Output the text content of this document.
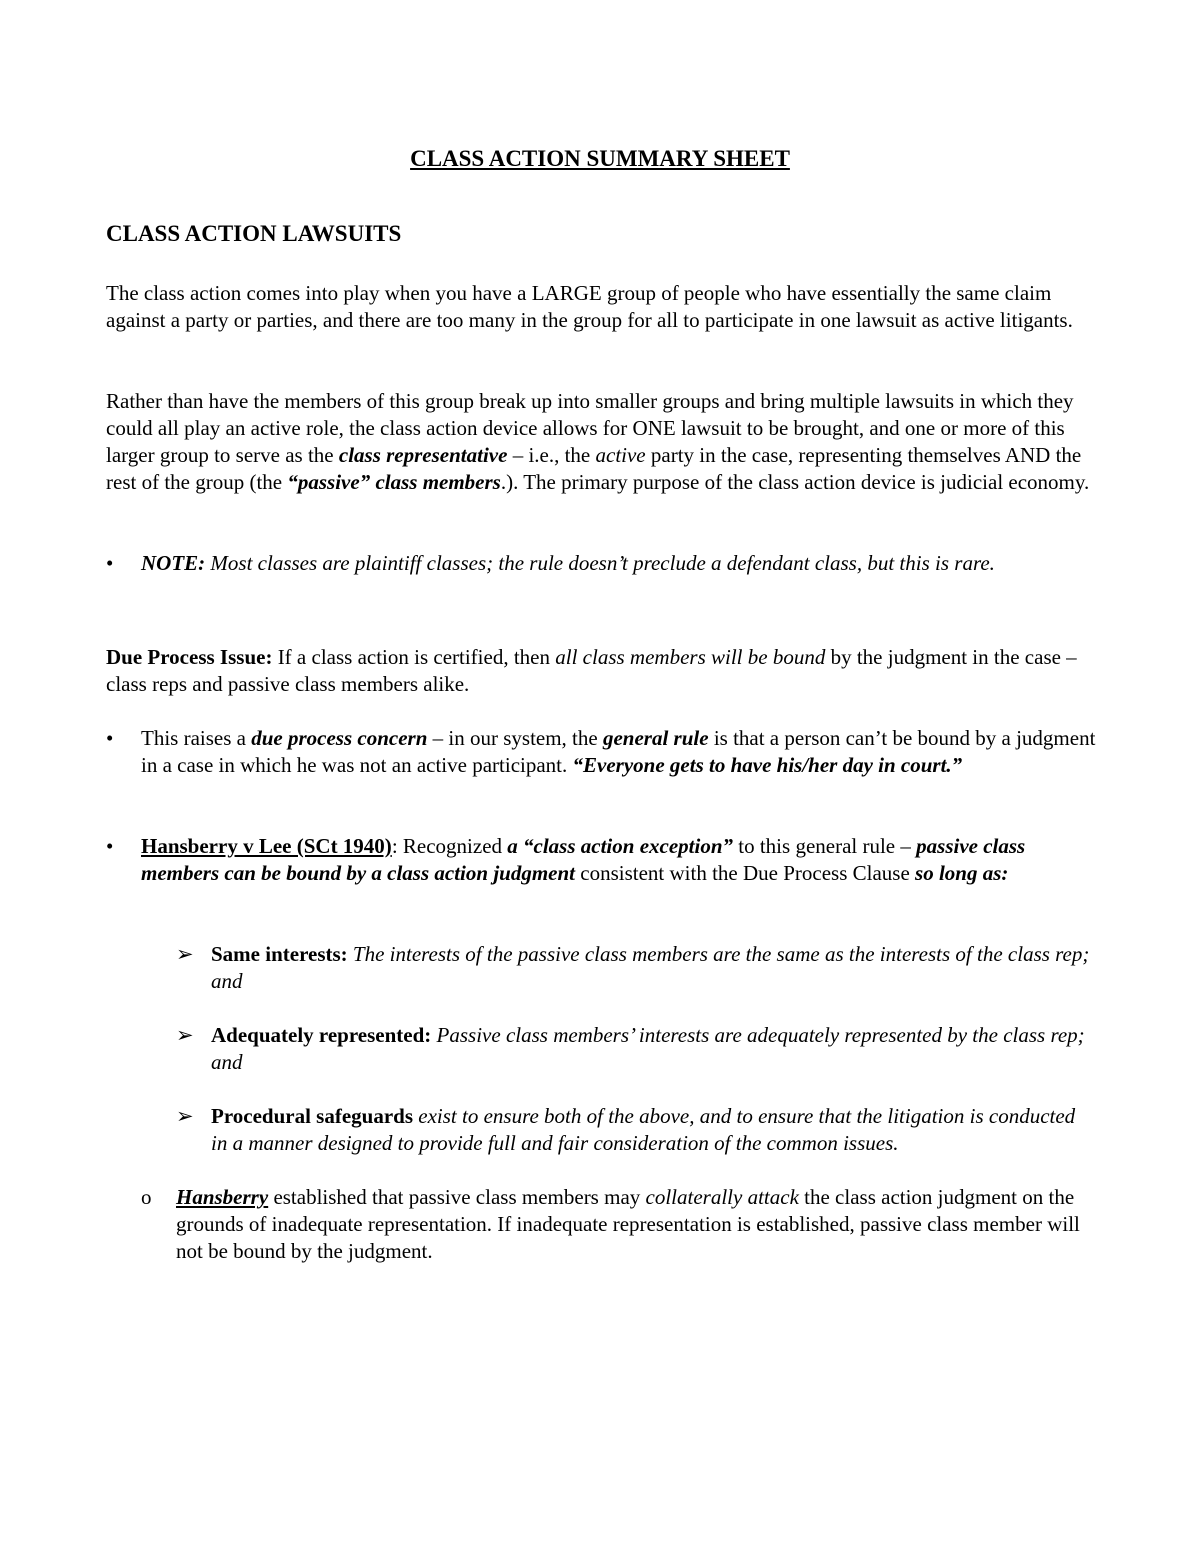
CLASS ACTION SUMMARY SHEET
CLASS ACTION LAWSUITS

The class action comes into play when you have a LARGE group of people who have essentially the same claim against a party or parties, and there are too many in the group for all to participate in one lawsuit as active litigants.

Rather than have the members of this group break up into smaller groups and bring multiple lawsuits in which they could all play an active role, the class action device allows for ONE lawsuit to be brought, and one or more of this larger group to serve as the class representative – i.e., the active party in the case, representing themselves AND the rest of the group (the “passive” class members.). The primary purpose of the class action device is judicial economy.

• NOTE: Most classes are plaintiff classes; the rule doesn’t preclude a defendant class, but this is rare.

Due Process Issue: If a class action is certified, then all class members will be bound by the judgment in the case – class reps and passive class members alike.

• This raises a due process concern – in our system, the general rule is that a person can’t be bound by a judgment in a case in which he was not an active participant. “Everyone gets to have his/her day in court.”

• Hansberry v Lee (SCt 1940): Recognized a “class action exception” to this general rule – passive class members can be bound by a class action judgment consistent with the Due Process Clause so long as:

➢ Same interests: The interests of the passive class members are the same as the interests of the class rep; and

➢ Adequately represented: Passive class members’ interests are adequately represented by the class rep; and

➢ Procedural safeguards exist to ensure both of the above, and to ensure that the litigation is conducted in a manner designed to provide full and fair consideration of the common issues.

o Hansberry established that passive class members may collaterally attack the class action judgment on the grounds of inadequate representation. If inadequate representation is established, passive class member will not be bound by the judgment.
